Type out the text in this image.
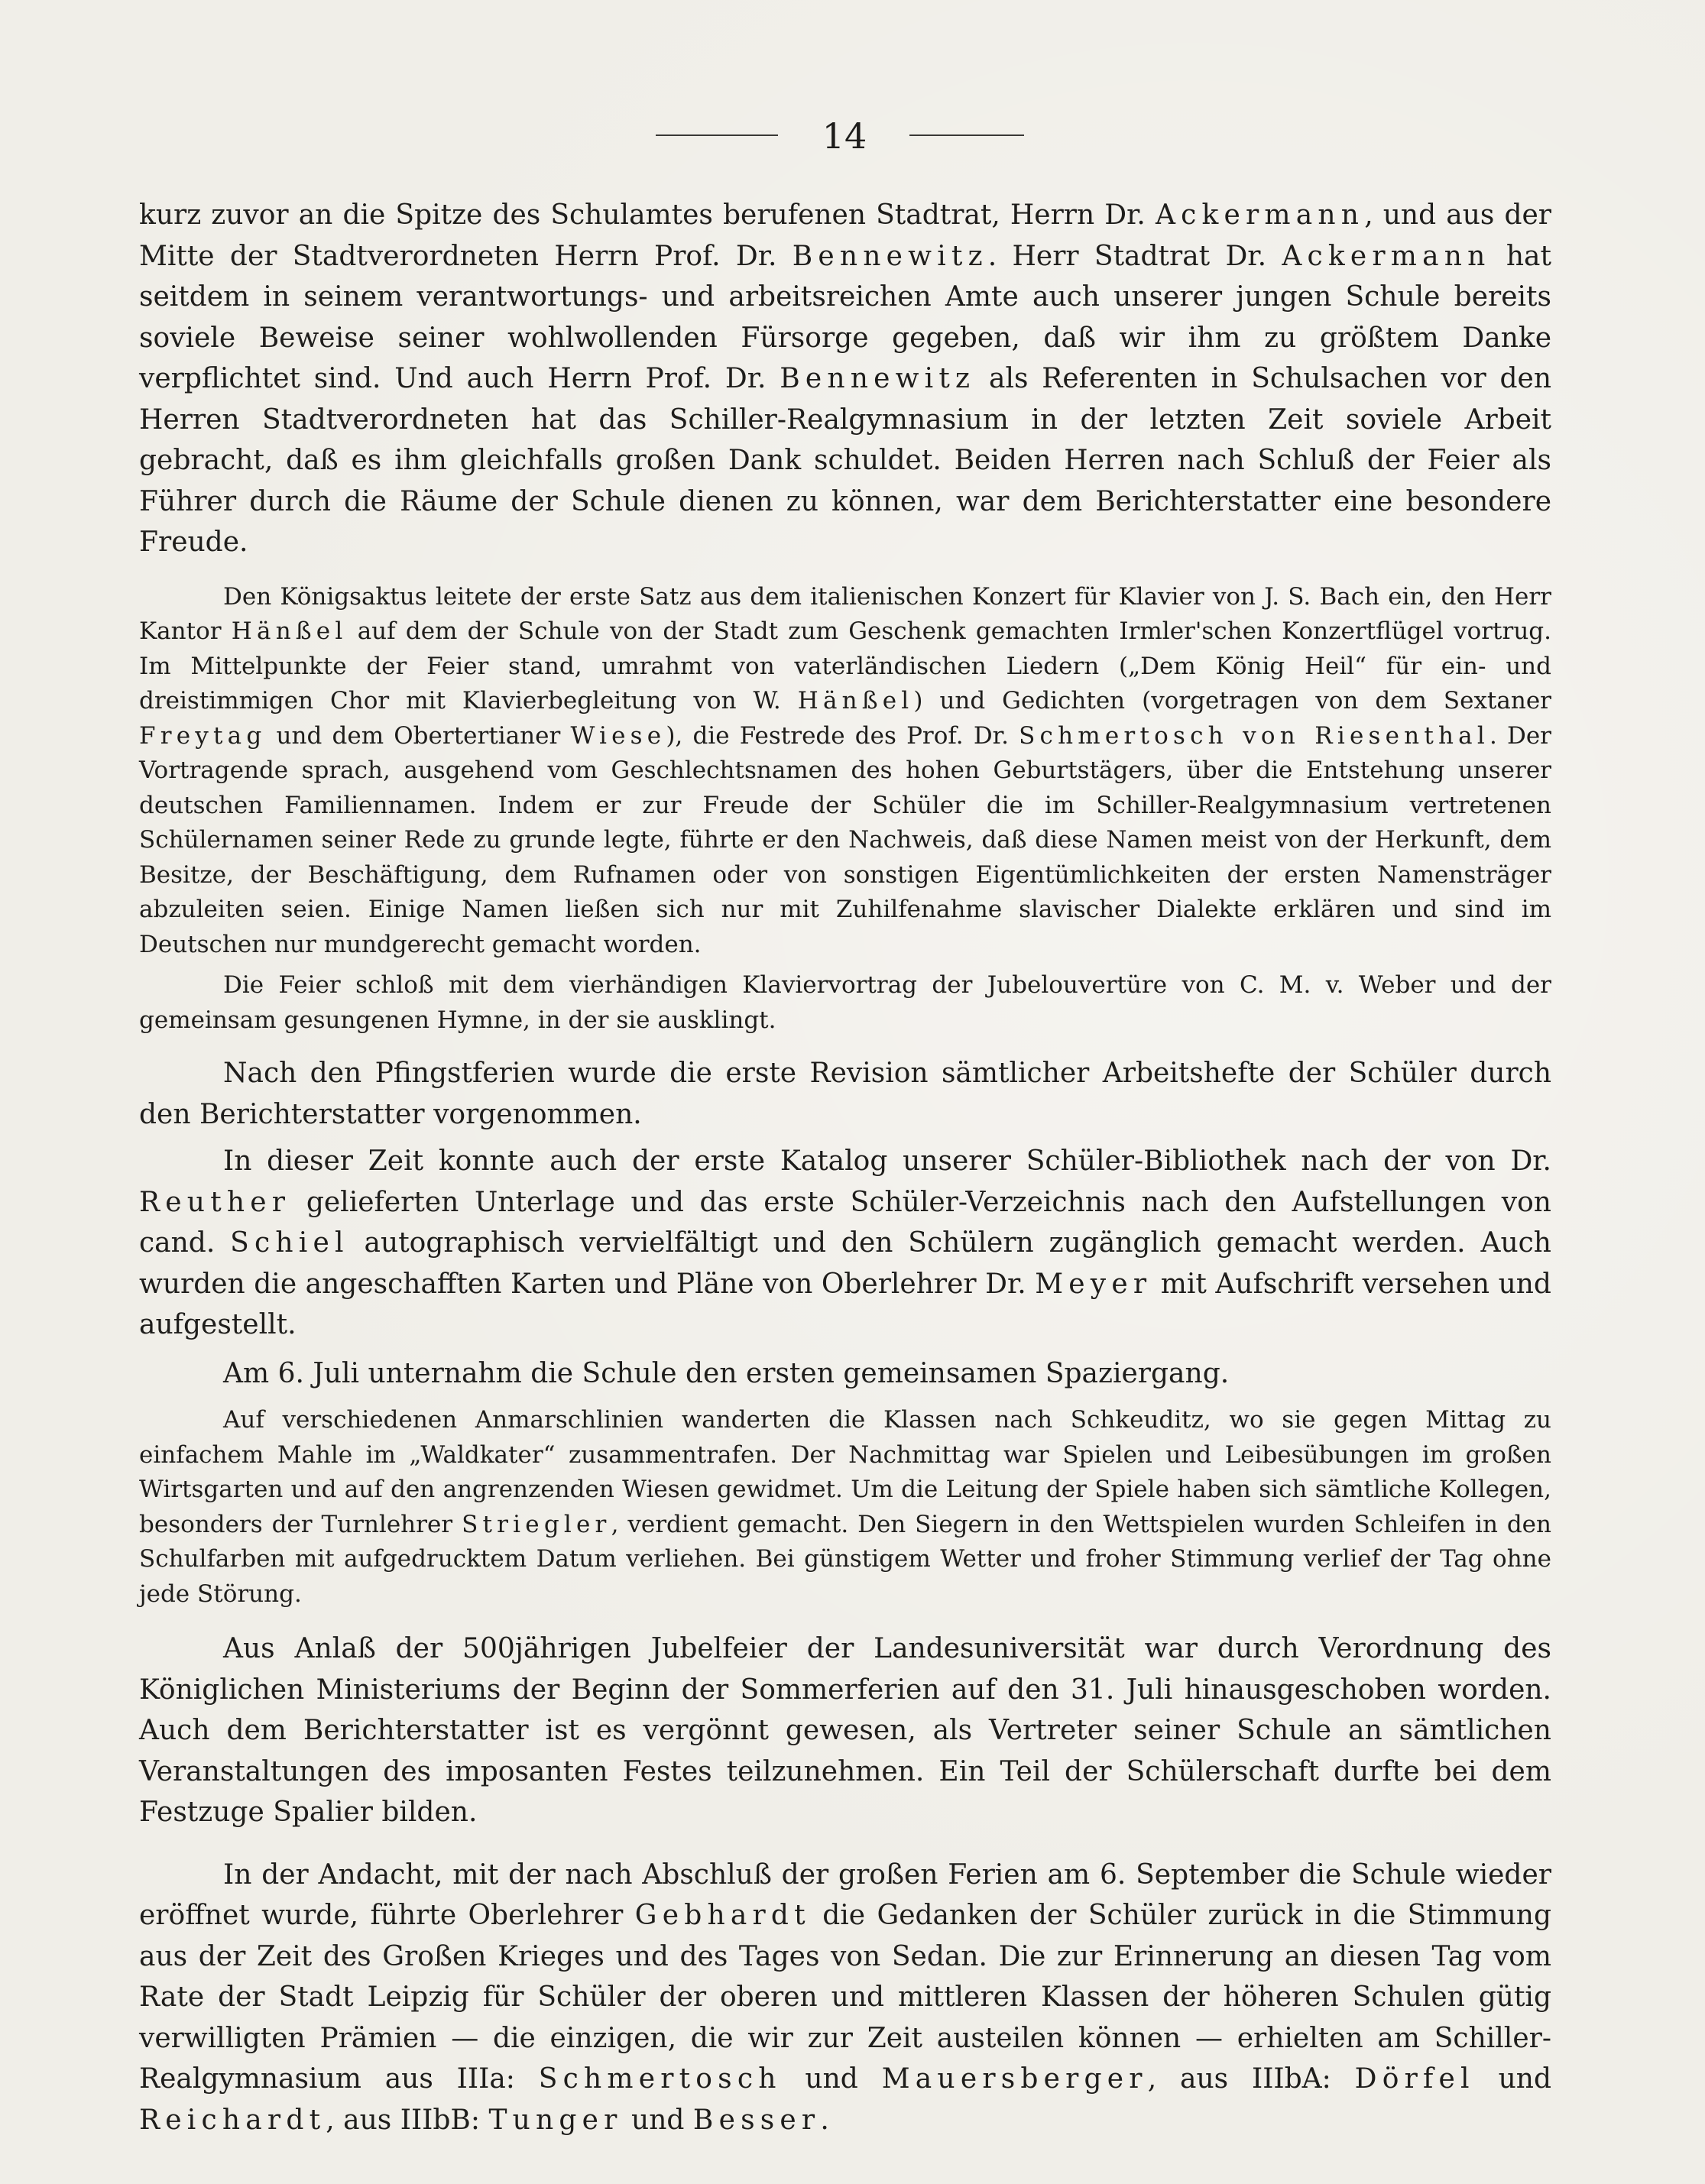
14

kurz zuvor an die Spitze des Schulamtes berufenen Stadtrat, Herrn Dr. Ackermann, und aus der Mitte der Stadtverordneten Herrn Prof. Dr. Bennewitz. Herr Stadtrat Dr. Ackermann hat seitdem in seinem verantwortungs- und arbeitsreichen Amte auch unserer jungen Schule bereits soviele Beweise seiner wohlwollenden Fürsorge gegeben, daß wir ihm zu größtem Danke verpflichtet sind. Und auch Herrn Prof. Dr. Bennewitz als Referenten in Schulsachen vor den Herren Stadtverordneten hat das Schiller-Realgymnasium in der letzten Zeit soviele Arbeit gebracht, daß es ihm gleichfalls großen Dank schuldet. Beiden Herren nach Schluß der Feier als Führer durch die Räume der Schule dienen zu können, war dem Berichterstatter eine besondere Freude.

Den Königsaktus leitete der erste Satz aus dem italienischen Konzert für Klavier von J. S. Bach ein, den Herr Kantor Hänßel auf dem der Schule von der Stadt zum Geschenk gemachten Irmler'schen Konzertflügel vortrug. Im Mittelpunkte der Feier stand, umrahmt von vaterländischen Liedern („Dem König Heil“ für ein- und dreistimmigen Chor mit Klavierbegleitung von W. Hänßel) und Gedichten (vorgetragen von dem Sextaner Freytag und dem Obertertianer Wiese), die Festrede des Prof. Dr. Schmertosch von Riesenthal. Der Vortragende sprach, ausgehend vom Geschlechtsnamen des hohen Geburtstägers, über die Entstehung unserer deutschen Familiennamen. Indem er zur Freude der Schüler die im Schiller-Realgymnasium vertretenen Schülernamen seiner Rede zu grunde legte, führte er den Nachweis, daß diese Namen meist von der Herkunft, dem Besitze, der Beschäftigung, dem Rufnamen oder von sonstigen Eigentümlichkeiten der ersten Namensträger abzuleiten seien. Einige Namen ließen sich nur mit Zuhilfenahme slavischer Dialekte erklären und sind im Deutschen nur mundgerecht gemacht worden.

Die Feier schloß mit dem vierhändigen Klaviervortrag der Jubelouvertüre von C. M. v. Weber und der gemeinsam gesungenen Hymne, in der sie ausklingt.

Nach den Pfingstferien wurde die erste Revision sämtlicher Arbeitshefte der Schüler durch den Berichterstatter vorgenommen.

In dieser Zeit konnte auch der erste Katalog unserer Schüler-Bibliothek nach der von Dr. Reuther gelieferten Unterlage und das erste Schüler-Verzeichnis nach den Aufstellungen von cand. Schiel autographisch vervielfältigt und den Schülern zugänglich gemacht werden. Auch wurden die angeschafften Karten und Pläne von Oberlehrer Dr. Meyer mit Aufschrift versehen und aufgestellt.

Am 6. Juli unternahm die Schule den ersten gemeinsamen Spaziergang.

Auf verschiedenen Anmarschlinien wanderten die Klassen nach Schkeuditz, wo sie gegen Mittag zu einfachem Mahle im „Waldkater“ zusammentrafen. Der Nachmittag war Spielen und Leibesübungen im großen Wirtsgarten und auf den angrenzenden Wiesen gewidmet. Um die Leitung der Spiele haben sich sämtliche Kollegen, besonders der Turnlehrer Striegler, verdient gemacht. Den Siegern in den Wettspielen wurden Schleifen in den Schulfarben mit aufgedrucktem Datum verliehen. Bei günstigem Wetter und froher Stimmung verlief der Tag ohne jede Störung.

Aus Anlaß der 500jährigen Jubelfeier der Landesuniversität war durch Verordnung des Königlichen Ministeriums der Beginn der Sommerferien auf den 31. Juli hinausgeschoben worden. Auch dem Berichterstatter ist es vergönnt gewesen, als Vertreter seiner Schule an sämtlichen Veranstaltungen des imposanten Festes teilzunehmen. Ein Teil der Schülerschaft durfte bei dem Festzuge Spalier bilden.

In der Andacht, mit der nach Abschluß der großen Ferien am 6. September die Schule wieder eröffnet wurde, führte Oberlehrer Gebhardt die Gedanken der Schüler zurück in die Stimmung aus der Zeit des Großen Krieges und des Tages von Sedan. Die zur Erinnerung an diesen Tag vom Rate der Stadt Leipzig für Schüler der oberen und mittleren Klassen der höheren Schulen gütig verwilligten Prämien — die einzigen, die wir zur Zeit austeilen können — erhielten am Schiller-Realgymnasium aus IIIa: Schmertosch und Mauersberger, aus IIIbA: Dörfel und Reichardt, aus IIIbB: Tunger und Besser.
